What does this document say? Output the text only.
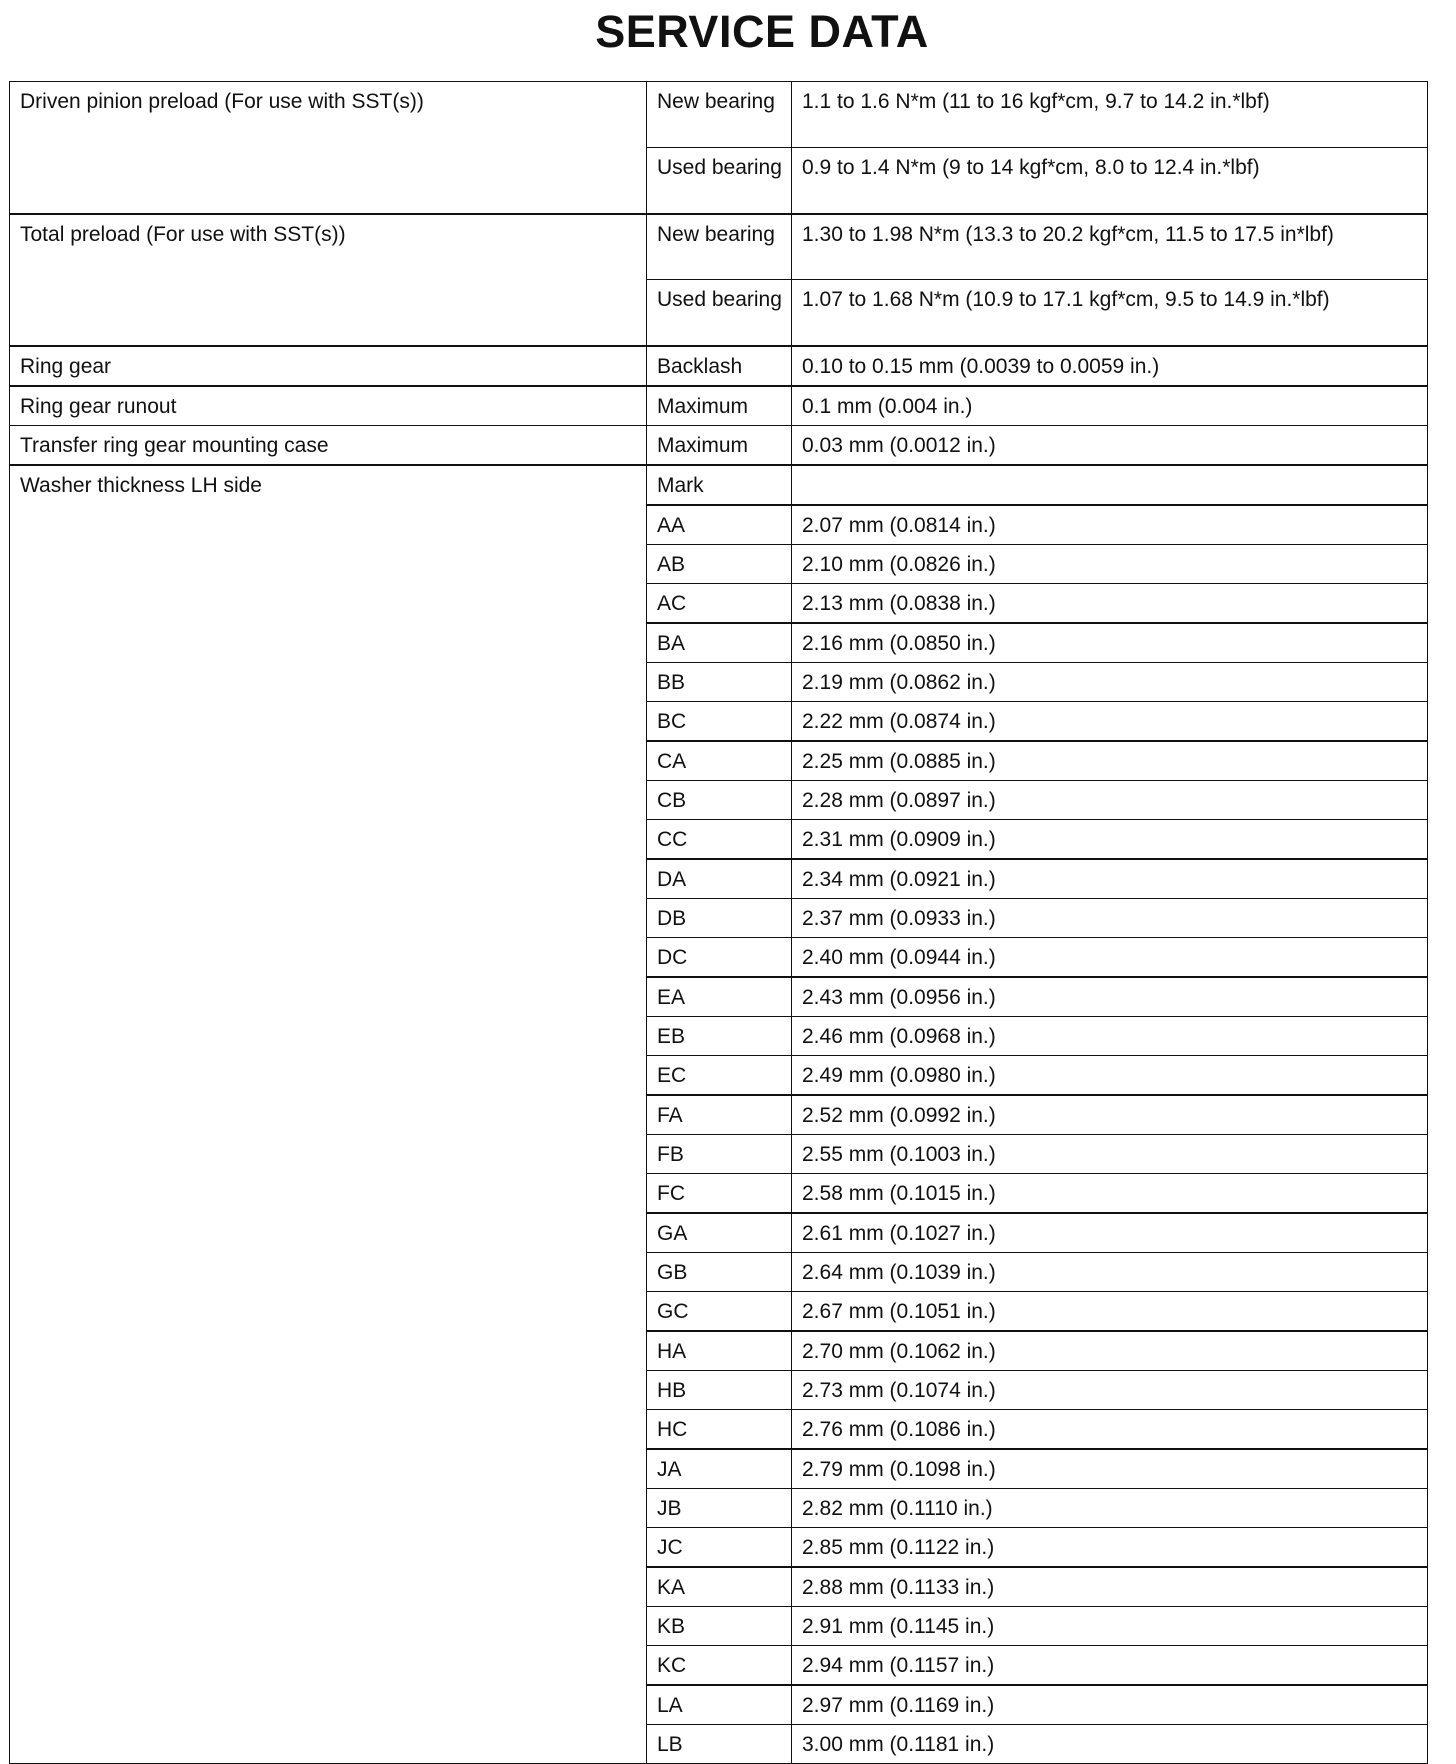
SERVICE DATA
Driven pinion preload (For use with SST(s))	New bearing	1.1 to 1.6 N*m (11 to 16 kgf*cm, 9.7 to 14.2 in.*lbf)

	Used bearing	0.9 to 1.4 N*m (9 to 14 kgf*cm, 8.0 to 12.4 in.*lbf)
Total preload (For use with SST(s))	New bearing	1.30 to 1.98 N*m (13.3 to 20.2 kgf*cm, 11.5 to 17.5 in*lbf)

	Used bearing	1.07 to 1.68 N*m (10.9 to 17.1 kgf*cm, 9.5 to 14.9 in.*lbf)
Ring gear	Backlash	0.10 to 0.15 mm (0.0039 to 0.0059 in.)
Ring gear runout	Maximum	0.1 mm (0.004 in.)
Transfer ring gear mounting case	Maximum	0.03 mm (0.0012 in.)
Washer thickness LH side	Mark	
	AA	2.07 mm (0.0814 in.)
	AB	2.10 mm (0.0826 in.)
	AC	2.13 mm (0.0838 in.)
	BA	2.16 mm (0.0850 in.)
	BB	2.19 mm (0.0862 in.)
	BC	2.22 mm (0.0874 in.)
	CA	2.25 mm (0.0885 in.)
	CB	2.28 mm (0.0897 in.)
	CC	2.31 mm (0.0909 in.)
	DA	2.34 mm (0.0921 in.)
	DB	2.37 mm (0.0933 in.)
	DC	2.40 mm (0.0944 in.)
	EA	2.43 mm (0.0956 in.)
	EB	2.46 mm (0.0968 in.)
	EC	2.49 mm (0.0980 in.)
	FA	2.52 mm (0.0992 in.)
	FB	2.55 mm (0.1003 in.)
	FC	2.58 mm (0.1015 in.)
	GA	2.61 mm (0.1027 in.)
	GB	2.64 mm (0.1039 in.)
	GC	2.67 mm (0.1051 in.)
	HA	2.70 mm (0.1062 in.)
	HB	2.73 mm (0.1074 in.)
	HC	2.76 mm (0.1086 in.)
	JA	2.79 mm (0.1098 in.)
	JB	2.82 mm (0.1110 in.)
	JC	2.85 mm (0.1122 in.)
	KA	2.88 mm (0.1133 in.)
	KB	2.91 mm (0.1145 in.)
	KC	2.94 mm (0.1157 in.)
	LA	2.97 mm (0.1169 in.)
	LB	3.00 mm (0.1181 in.)
